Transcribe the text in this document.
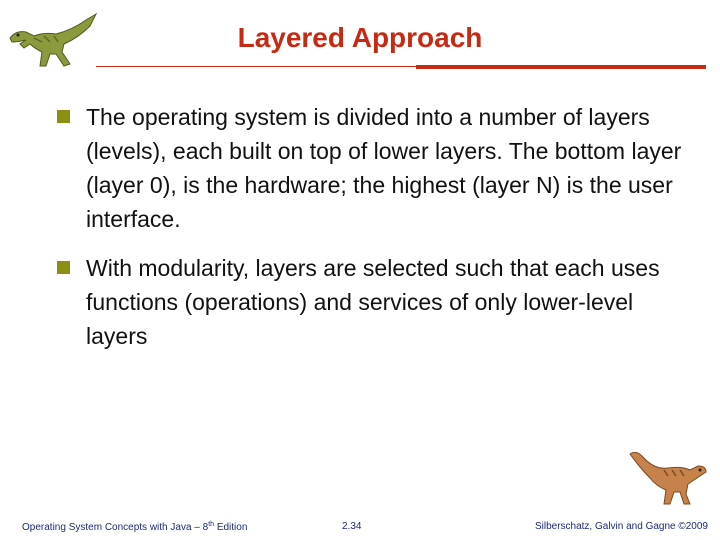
Layered Approach
The operating system is divided into a number of layers (levels), each built on top of lower layers. The bottom layer (layer 0), is the hardware; the highest (layer N) is the user interface.
With modularity, layers are selected such that each uses functions (operations) and services of only lower-level layers
Operating System Concepts with Java – 8th Edition	2.34	Silberschatz, Galvin and Gagne ©2009
